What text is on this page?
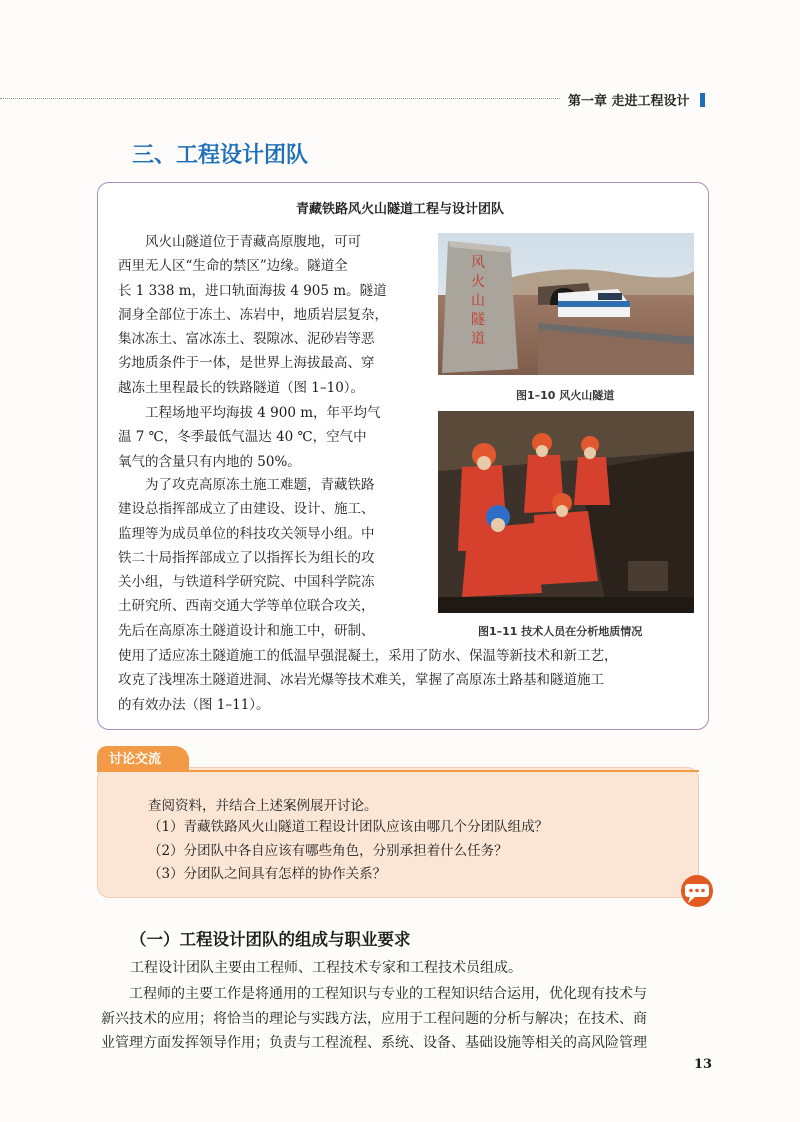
第一章 走进工程设计
三、工程设计团队
青藏铁路风火山隧道工程与设计团队

　　风火山隧道位于青藏高原腹地，可可
西里无人区“生命的禁区”边缘。隧道全
长 1 338 m，进口轨面海拔 4 905 m。隧道
洞身全部位于冻土、冻岩中，地质岩层复杂，
集冰冻土、富冰冻土、裂隙冰、泥砂岩等恶
劣地质条件于一体，是世界上海拔最高、穿
越冻土里程最长的铁路隧道（图 1–10）。

　　工程场地平均海拔 4 900 m，年平均气
温 7 ℃，冬季最低气温达 40 ℃，空气中
氧气的含量只有内地的 50%。

　　为了攻克高原冻土施工难题，青藏铁路
建设总指挥部成立了由建设、设计、施工、
监理等为成员单位的科技攻关领导小组。中
铁二十局指挥部成立了以指挥长为组长的攻
关小组，与铁道科学研究院、中国科学院冻
土研究所、西南交通大学等单位联合攻关，
先后在高原冻土隧道设计和施工中，研制、

使用了适应冻土隧道施工的低温早强混凝土，采用了防水、保温等新技术和新工艺，
攻克了浅埋冻土隧道进洞、冰岩光爆等技术难关，掌握了高原冻土路基和隧道施工
的有效办法（图 1–11）。

风火山隧道
图1–10 风火山隧道
图1–11 技术人员在分析地质情况
讨论交流
查阅资料，并结合上述案例展开讨论。
（1）青藏铁路风火山隧道工程设计团队应该由哪几个分团队组成？
（2）分团队中各自应该有哪些角色，分别承担着什么任务？
（3）分团队之间具有怎样的协作关系？
（一）工程设计团队的组成与职业要求

工程设计团队主要由工程师、工程技术专家和工程技术员组成。

　　工程师的主要工作是将通用的工程知识与专业的工程知识结合运用，优化现有技术与
新兴技术的应用；将恰当的理论与实践方法，应用于工程问题的分析与解决；在技术、商
业管理方面发挥领导作用；负责与工程流程、系统、设备、基础设施等相关的高风险管理

13
